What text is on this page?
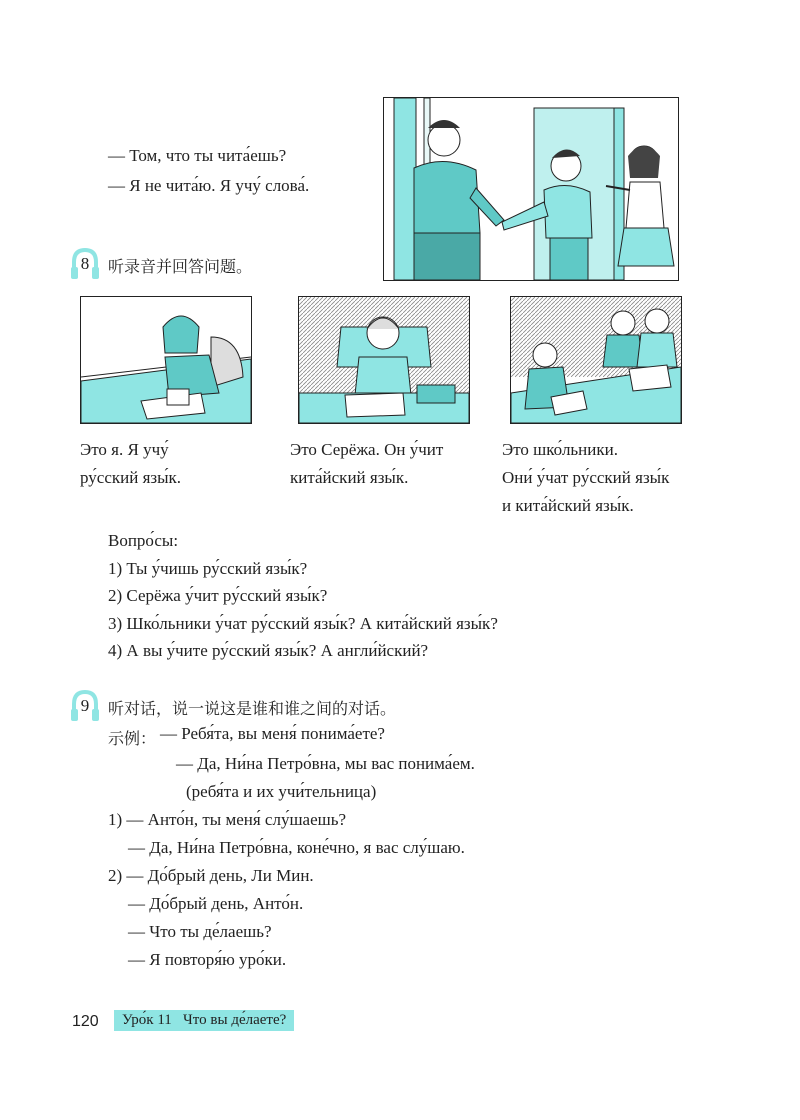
— Том, что ты чита́ешь?
— Я не чита́ю. Я учу́ слова́.
8	听录音并回答问题。
Это я. Я учу́
ру́сский язы́к.
Это Серёжа. Он у́чит
кита́йский язы́к.
Это шко́льники.
Они́ у́чат ру́сский язы́к
и кита́йский язы́к.
Вопро́сы:
1) Ты у́чишь ру́сский язы́к?
2) Серёжа у́чит ру́сский язы́к?
3) Шко́льники у́чат ру́сский язы́к? А кита́йский язы́к?
4) А вы у́чите ру́сский язы́к? А англи́йский?
9	听对话，说一说这是谁和谁之间的对话。
示例： — Ребя́та, вы меня́ понима́ете?
— Да, Ни́на Петро́вна, мы вас понима́ем.
(ребя́та и их учи́тельница)
1) — Анто́н, ты меня́ слу́шаешь?
— Да, Ни́на Петро́вна, коне́чно, я вас слу́шаю.
2) — До́брый день, Ли Мин.
— До́брый день, Анто́н.
— Что ты де́лаешь?
— Я повторя́ю уро́ки.
120	Уро́к 11 Что вы де́лаете?
